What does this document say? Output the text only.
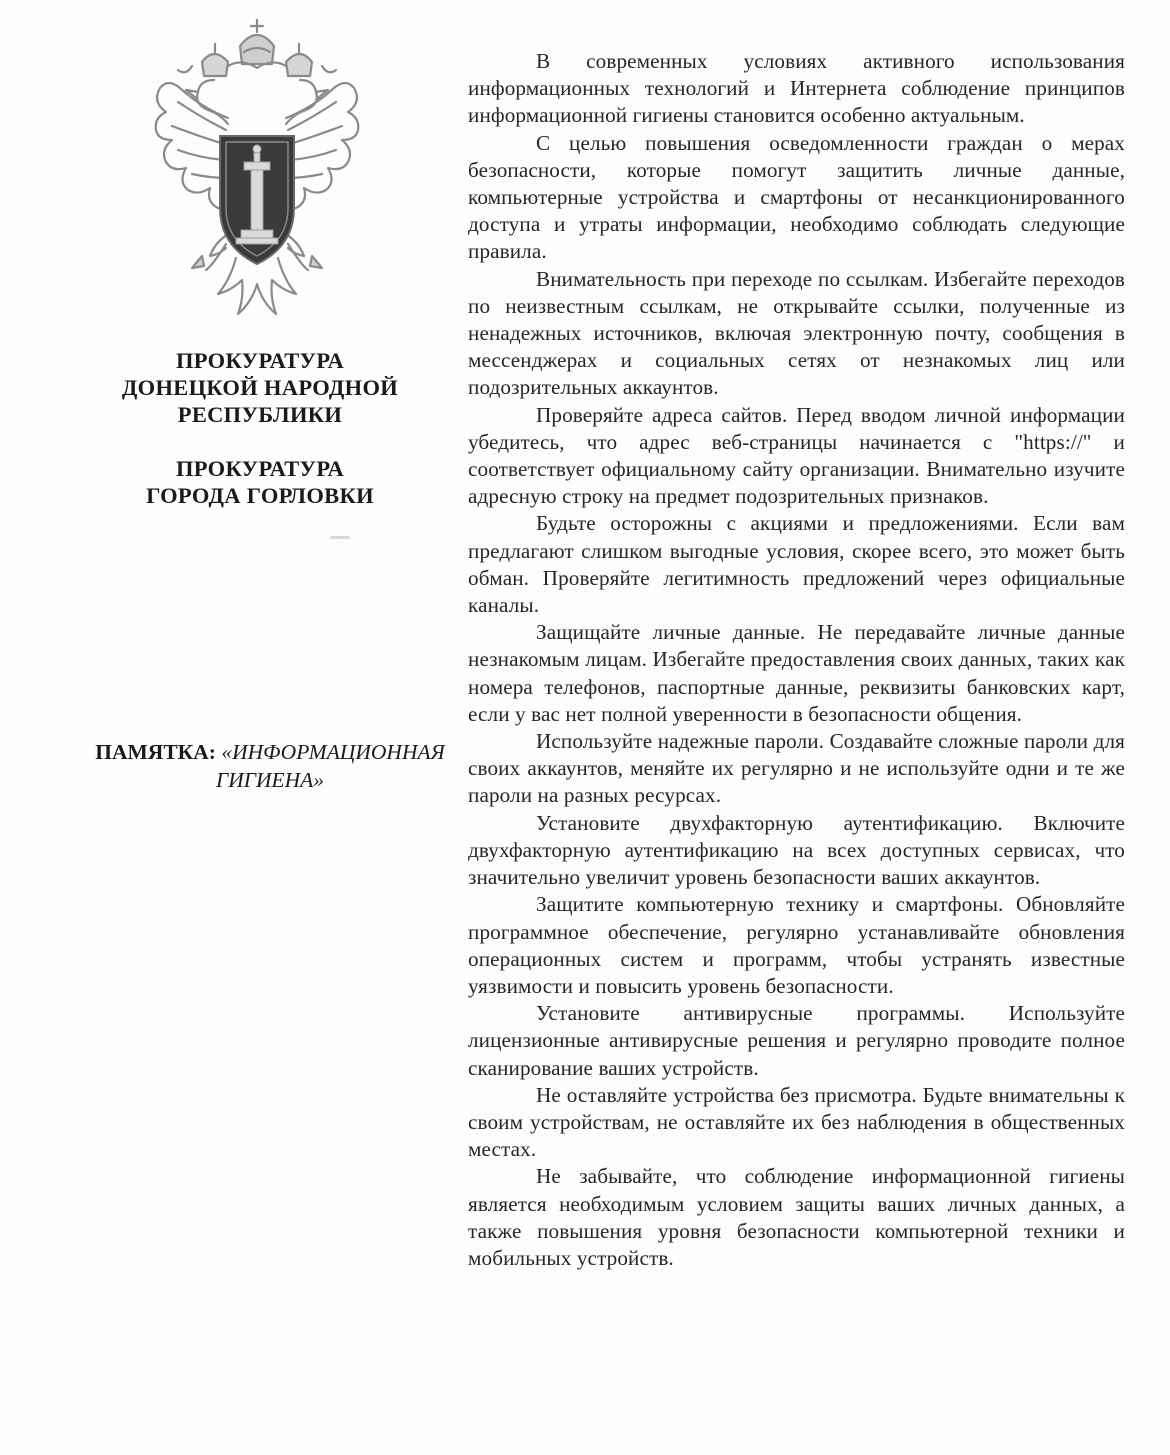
ПРОКУРАТУРА
ДОНЕЦКОЙ НАРОДНОЙ
РЕСПУБЛИКИ
ПРОКУРАТУРА
ГОРОДА ГОРЛОВКИ
ПАМЯТКА: «ИНФОРМАЦИОННАЯ ГИГИЕНА»

В современных условиях активного использования информационных технологий и Интернета соблюдение принципов информационной гигиены становится особенно актуальным.

С целью повышения осведомленности граждан о мерах безопасности, которые помогут защитить личные данные, компьютерные устройства и смартфоны от несанкционированного доступа и утраты информации, необходимо соблюдать следующие правила.

Внимательность при переходе по ссылкам. Избегайте переходов по неизвестным ссылкам, не открывайте ссылки, полученные из ненадежных источников, включая электронную почту, сообщения в мессенджерах и социальных сетях от незнакомых лиц или подозрительных аккаунтов.

Проверяйте адреса сайтов. Перед вводом личной информации убедитесь, что адрес веб-страницы начинается с "https://" и соответствует официальному сайту организации. Внимательно изучите адресную строку на предмет подозрительных признаков.

Будьте осторожны с акциями и предложениями. Если вам предлагают слишком выгодные условия, скорее всего, это может быть обман. Проверяйте легитимность предложений через официальные каналы.

Защищайте личные данные. Не передавайте личные данные незнакомым лицам. Избегайте предоставления своих данных, таких как номера телефонов, паспортные данные, реквизиты банковских карт, если у вас нет полной уверенности в безопасности общения.

Используйте надежные пароли. Создавайте сложные пароли для своих аккаунтов, меняйте их регулярно и не используйте одни и те же пароли на разных ресурсах.

Установите двухфакторную аутентификацию. Включите двухфакторную аутентификацию на всех доступных сервисах, что значительно увеличит уровень безопасности ваших аккаунтов.

Защитите компьютерную технику и смартфоны. Обновляйте программное обеспечение, регулярно устанавливайте обновления операционных систем и программ, чтобы устранять известные уязвимости и повысить уровень безопасности.

Установите антивирусные программы. Используйте лицензионные антивирусные решения и регулярно проводите полное сканирование ваших устройств.

Не оставляйте устройства без присмотра. Будьте внимательны к своим устройствам, не оставляйте их без наблюдения в общественных местах.

Не забывайте, что соблюдение информационной гигиены является необходимым условием защиты ваших личных данных, а также повышения уровня безопасности компьютерной техники и мобильных устройств.
